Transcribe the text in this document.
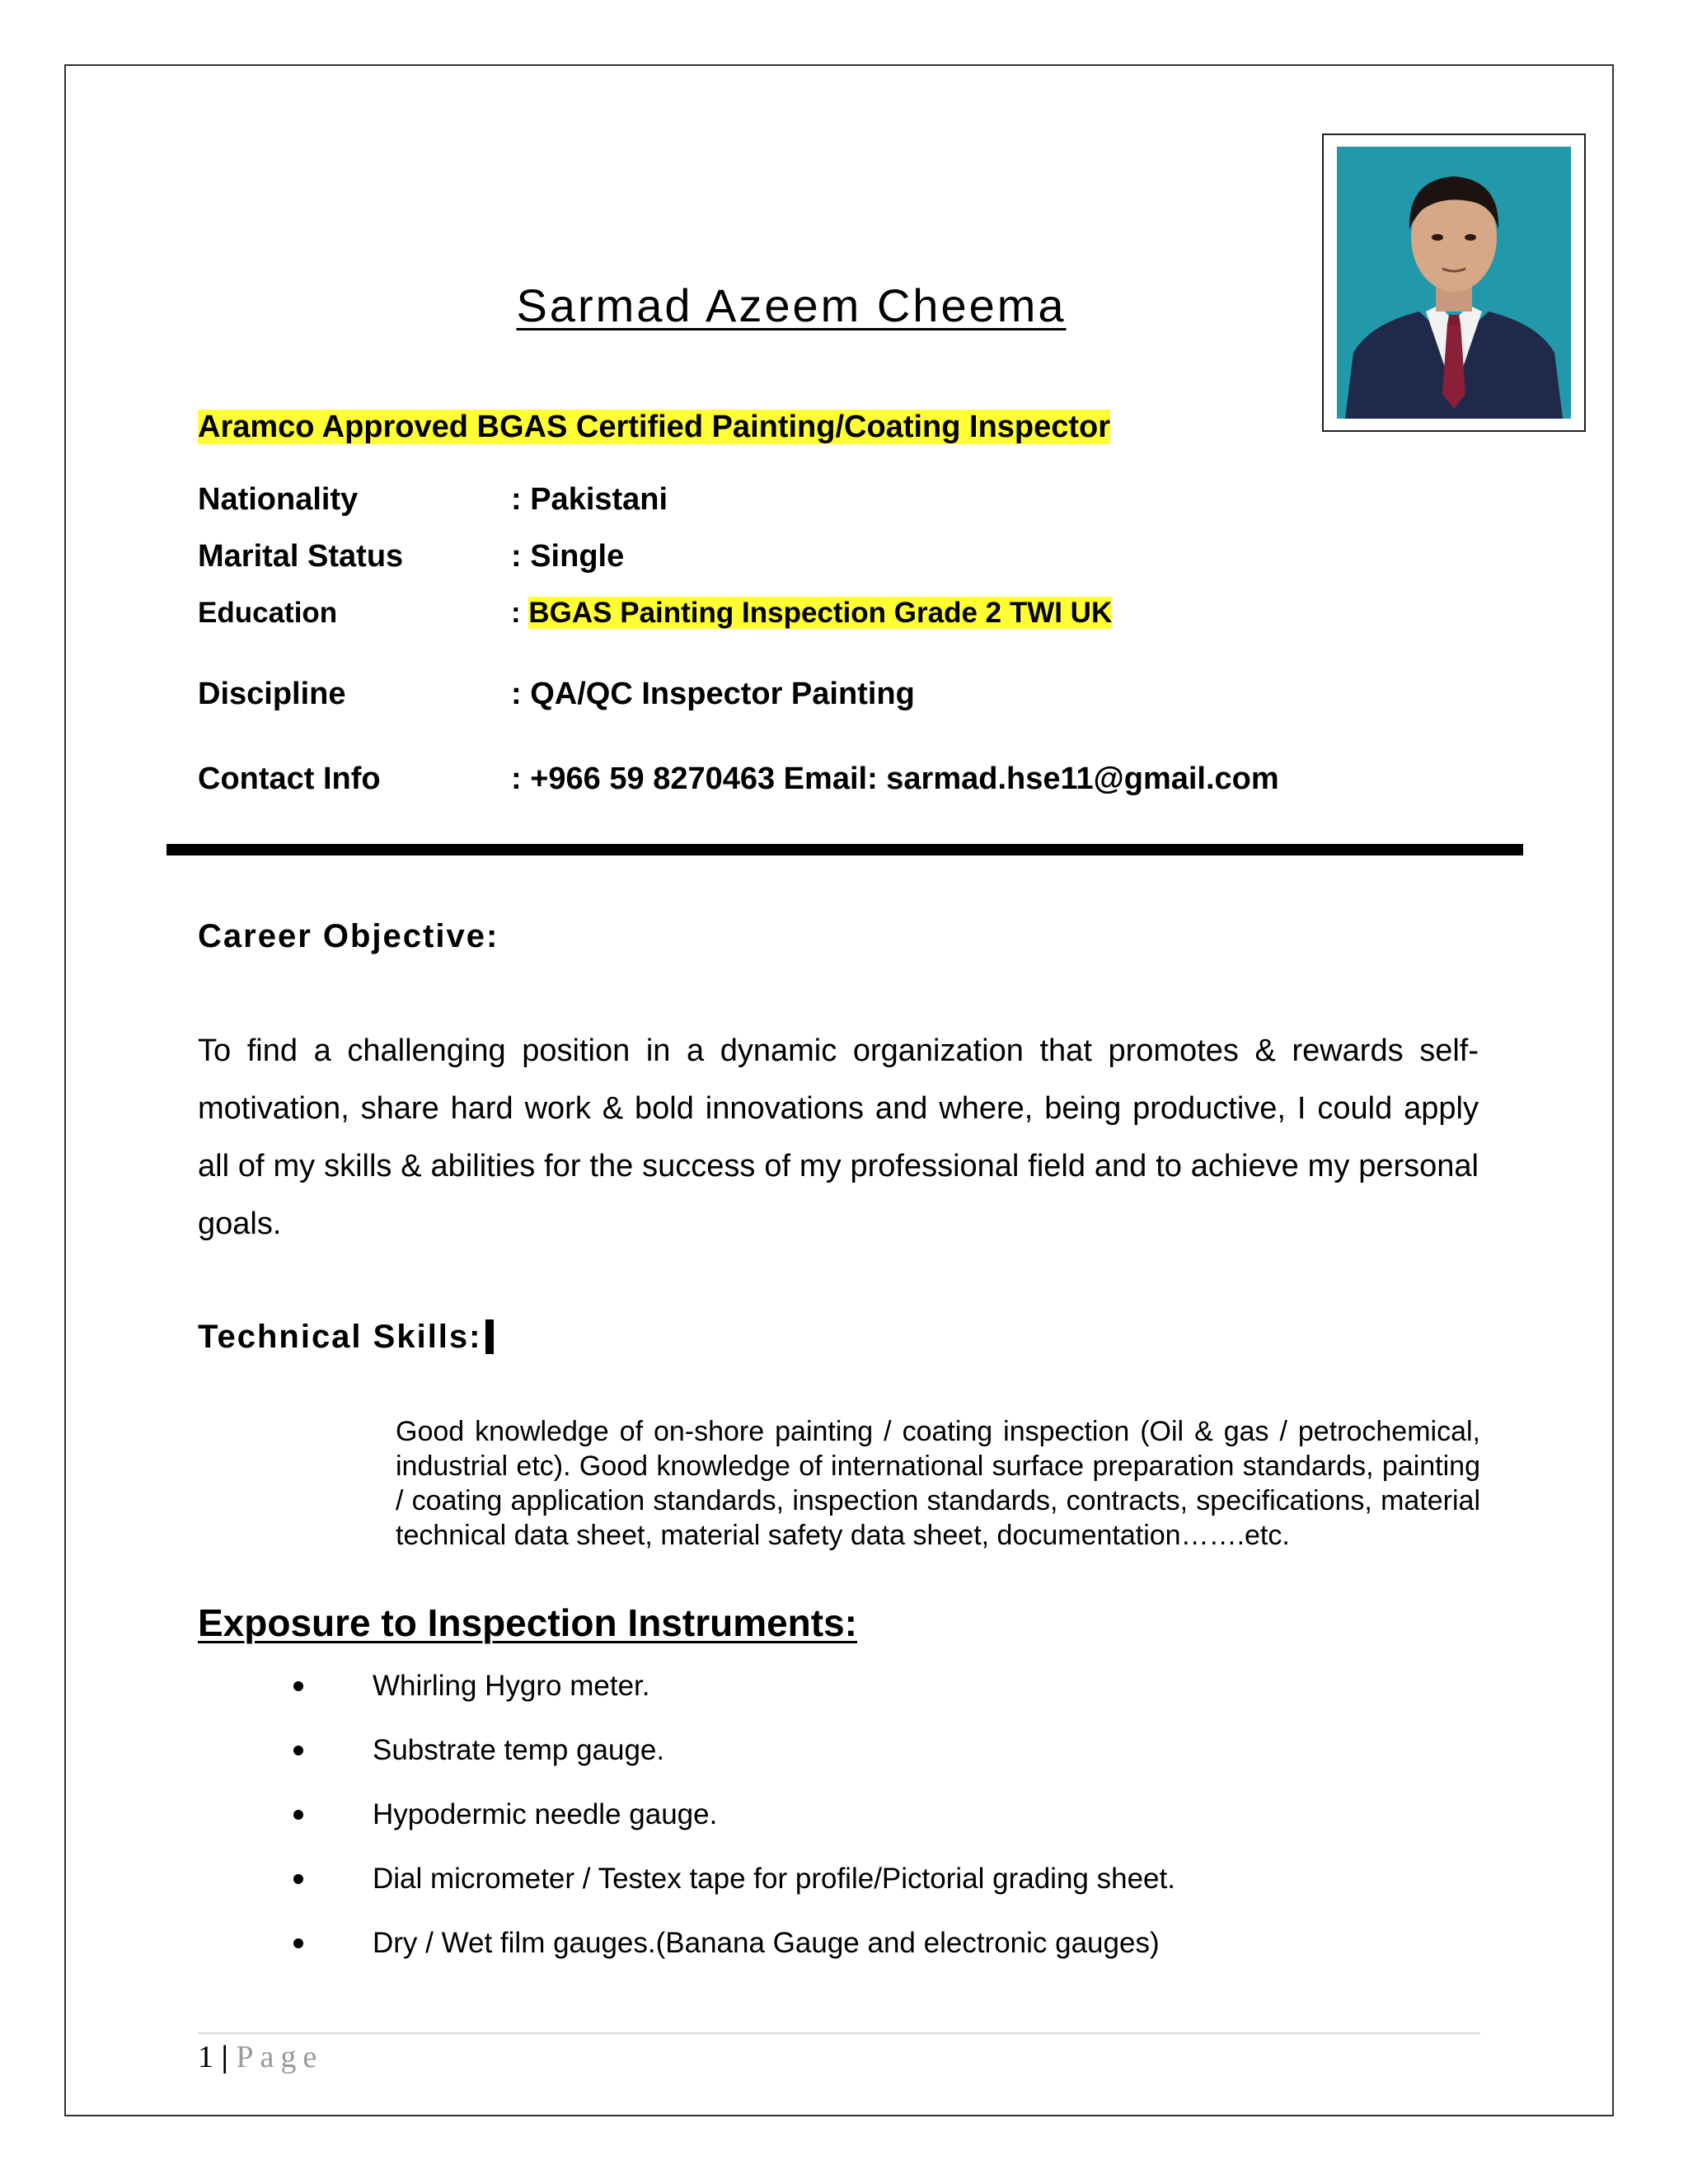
Sarmad Azeem Cheema
Aramco Approved BGAS Certified Painting/Coating Inspector
Nationality	: Pakistani
Marital Status	: Single
Education	: BGAS Painting Inspection Grade 2 TWI UK
Discipline	: QA/QC Inspector Painting
Contact Info	: +966 59 8270463 Email: sarmad.hse11@gmail.com
Career Objective:
To find a challenging position in a dynamic organization that promotes & rewards self-motivation, share hard work & bold innovations and where, being productive, I could apply all of my skills & abilities for the success of my professional field and to achieve my personal goals.
Technical Skills:
Good knowledge of on-shore painting / coating inspection (Oil & gas / petrochemical, industrial etc). Good knowledge of international surface preparation standards, painting / coating application standards, inspection standards, contracts, specifications, material technical data sheet, material safety data sheet, documentation…….etc.
Exposure to Inspection Instruments:
Whirling Hygro meter.
Substrate temp gauge.
Hypodermic needle gauge.
Dial micrometer / Testex tape for profile/Pictorial grading sheet.
Dry / Wet film gauges.(Banana Gauge and electronic gauges)
1 | Page
